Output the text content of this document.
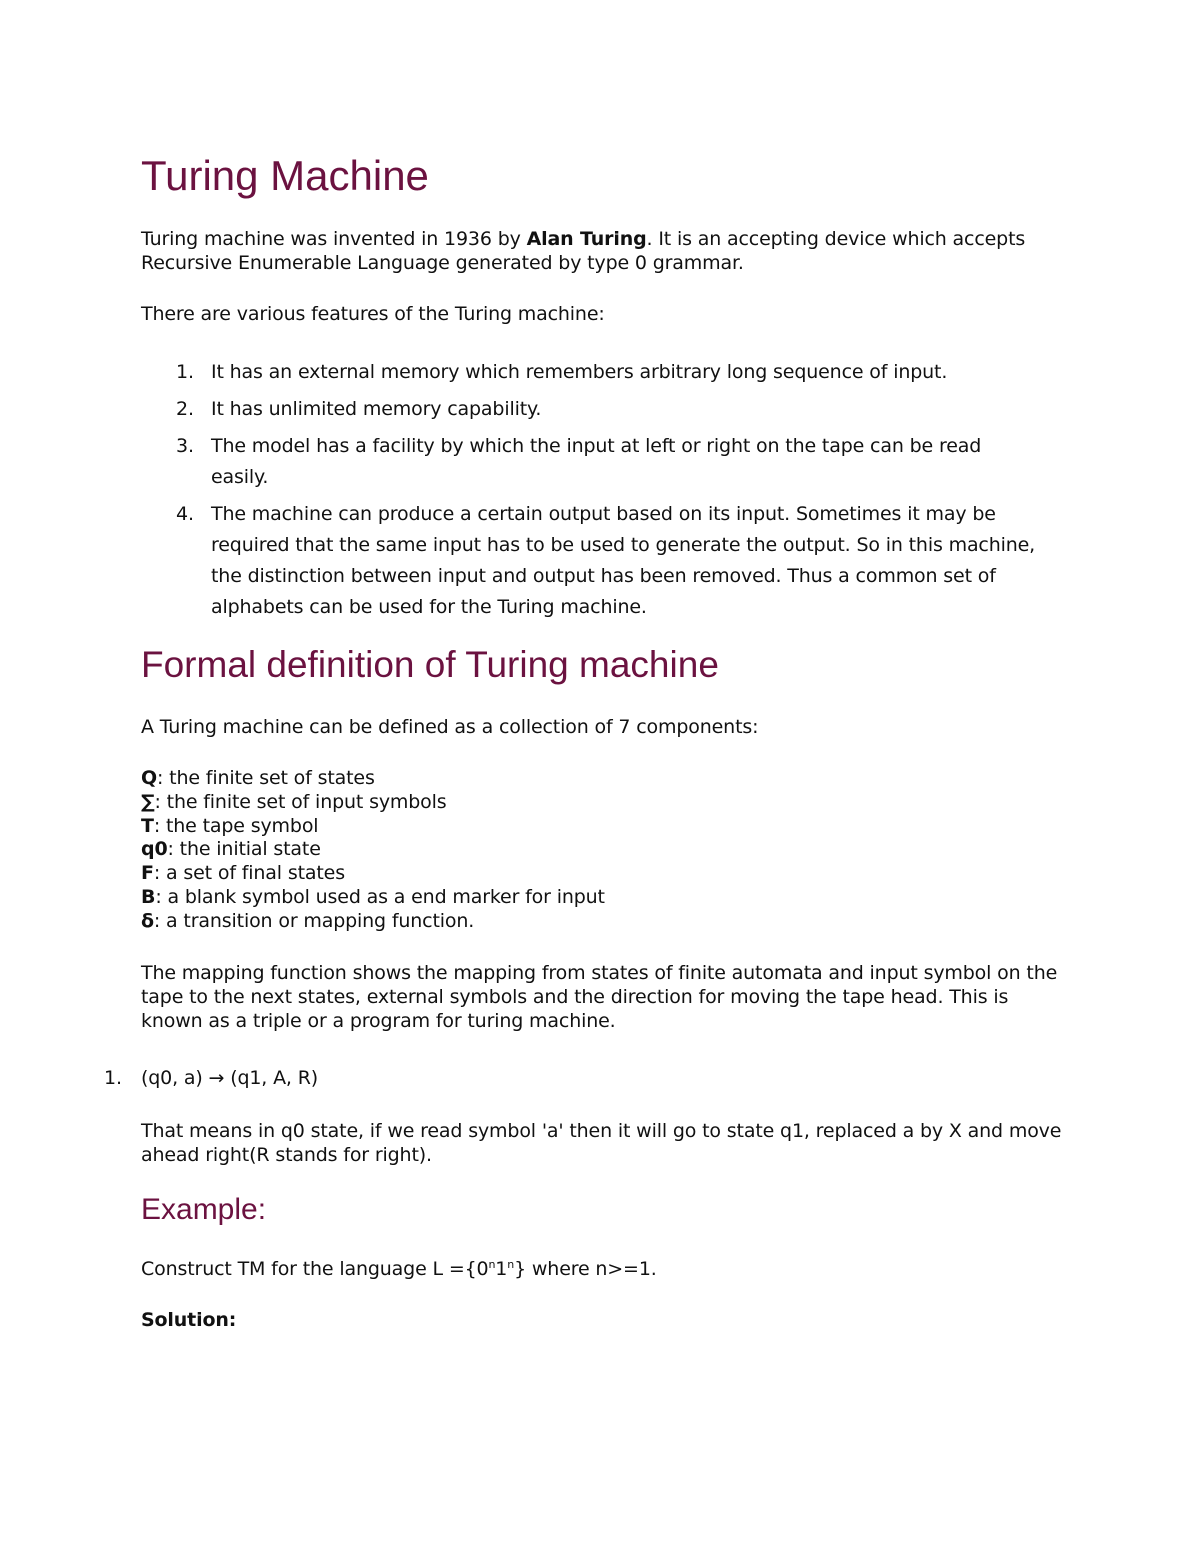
Turing Machine

Turing machine was invented in 1936 by Alan Turing. It is an accepting device which accepts Recursive Enumerable Language generated by type 0 grammar.

There are various features of the Turing machine:

1. It has an external memory which remembers arbitrary long sequence of input.
2. It has unlimited memory capability.
3. The model has a facility by which the input at left or right on the tape can be read easily.
4. The machine can produce a certain output based on its input. Sometimes it may be required that the same input has to be used to generate the output. So in this machine, the distinction between input and output has been removed. Thus a common set of alphabets can be used for the Turing machine.
Formal definition of Turing machine

A Turing machine can be defined as a collection of 7 components:

Q: the finite set of states
∑: the finite set of input symbols
T: the tape symbol
q0: the initial state
F: a set of final states
B: a blank symbol used as a end marker for input
δ: a transition or mapping function.

The mapping function shows the mapping from states of finite automata and input symbol on the tape to the next states, external symbols and the direction for moving the tape head. This is known as a triple or a program for turing machine.

1. (q0, a) → (q1, A, R)

That means in q0 state, if we read symbol 'a' then it will go to state q1, replaced a by X and move ahead right(R stands for right).

Example:

Construct TM for the language $L =\{0^n1^n\}$ where n>=1.

Solution:
